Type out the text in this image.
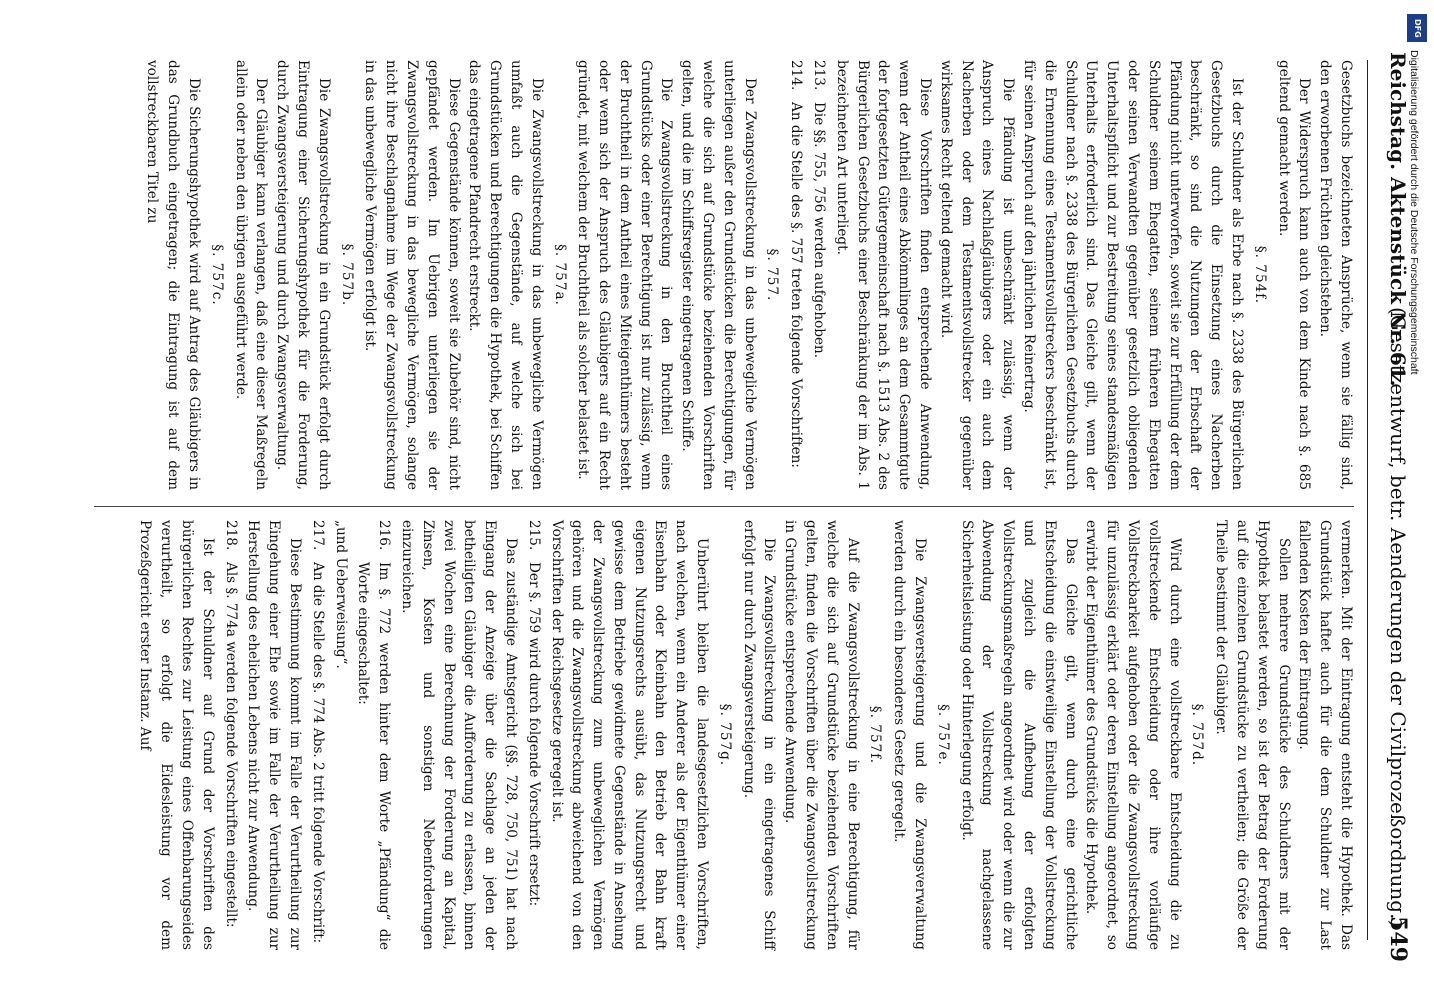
Reichstag. Aktenstück Nr. 61.
(Gesetzentwurf, betr. Aenderungen der Civilprozeßordnung.)
549

Gesetzbuchs bezeichneten Ansprüche, wenn sie fällig sind, den erworbenen Früchten gleichstehen.

Der Widerspruch kann auch von dem Kinde nach §. 685 geltend gemacht werden.

§. 754f.

Ist der Schuldner als Erbe nach §. 2338 des Bürgerlichen Gesetzbuchs durch die Einsetzung eines Nacherben beschränkt, so sind die Nutzungen der Erbschaft der Pfändung nicht unterworfen, soweit sie zur Erfüllung der dem Schuldner seinem Ehegatten, seinem früheren Ehegatten oder seinen Verwandten gegenüber gesetzlich obliegenden Unterhaltspflicht und zur Bestreitung seines standesmäßigen Unterhalts erforderlich sind. Das Gleiche gilt, wenn der Schuldner nach §. 2338 des Bürgerlichen Gesetzbuchs durch die Ernennung eines Testamentsvollstreckers beschränkt ist, für seinen Anspruch auf den jährlichen Reinertrag.

Die Pfändung ist unbeschränkt zulässig, wenn der Anspruch eines Nachlaßgläubigers oder ein auch dem Nacherben oder dem Testamentsvollstrecker gegenüber wirksames Recht geltend gemacht wird.

Diese Vorschriften finden entsprechende Anwendung, wenn der Antheil eines Abkömmlinges an dem Gesammtgute der fortgesetzten Gütergemeinschaft nach §. 1513 Abs. 2 des Bürgerlichen Gesetzbuchs einer Beschränkung der im Abs. 1 bezeichneten Art unterliegt.

213.
Die §§. 755, 756 werden aufgehoben.
214.
An die Stelle des §. 757 treten folgende Vorschriften:
§. 757.

Der Zwangsvollstreckung in das unbewegliche Vermögen unterliegen außer den Grundstücken die Berechtigungen, für welche die sich auf Grundstücke beziehenden Vorschriften gelten, und die im Schiffsregister eingetragenen Schiffe.

Die Zwangsvollstreckung in den Bruchtheil eines Grundstücks oder einer Berechtigung ist nur zulässig, wenn der Bruchtheil in dem Antheil eines Miteigenthümers besteht oder wenn sich der Anspruch des Gläubigers auf ein Recht gründet, mit welchem der Bruchtheil als solcher belastet ist.

§. 757a.

Die Zwangsvollstreckung in das unbewegliche Vermögen umfaßt auch die Gegenstände, auf welche sich bei Grundstücken und Berechtigungen die Hypothek, bei Schiffen das eingetragene Pfandrecht erstreckt.

Diese Gegenstände können, soweit sie Zubehör sind, nicht gepfändet werden. Im Uebrigen unterliegen sie der Zwangsvollstreckung in das bewegliche Vermögen, solange nicht ihre Beschlagnahme im Wege der Zwangsvollstreckung in das unbewegliche Vermögen erfolgt ist.

§. 757b.

Die Zwangsvollstreckung in ein Grundstück erfolgt durch Eintragung einer Sicherungshypothek für die Forderung, durch Zwangsversteigerung und durch Zwangsverwaltung.

Der Gläubiger kann verlangen, daß eine dieser Maßregeln allein oder neben den übrigen ausgeführt werde.

§. 757c.

Die Sicherungshypothek wird auf Antrag des Gläubigers in das Grundbuch eingetragen; die Eintragung ist auf dem vollstreckbaren Titel zu

vermerken. Mit der Eintragung entsteht die Hypothek. Das Grundstück haftet auch für die dem Schuldner zur Last fallenden Kosten der Eintragung.

Sollen mehrere Grundstücke des Schuldners mit der Hypothek belastet werden, so ist der Betrag der Forderung auf die einzelnen Grundstücke zu vertheilen; die Größe der Theile bestimmt der Gläubiger.

§. 757d.

Wird durch eine vollstreckbare Entscheidung die zu vollstreckende Entscheidung oder ihre vorläufige Vollstreckbarkeit aufgehoben oder die Zwangsvollstreckung für unzulässig erklärt oder deren Einstellung angeordnet, so erwirbt der Eigenthümer des Grundstücks die Hypothek.

Das Gleiche gilt, wenn durch eine gerichtliche Entscheidung die einstweilige Einstellung der Vollstreckung und zugleich die Aufhebung der erfolgten Vollstreckungsmaßregeln angeordnet wird oder wenn die zur Abwendung der Vollstreckung nachgelassene Sicherheitsleistung oder Hinterlegung erfolgt.

§. 757e.

Die Zwangsversteigerung und die Zwangsverwaltung werden durch ein besonderes Gesetz geregelt.

§. 757f.

Auf die Zwangsvollstreckung in eine Berechtigung, für welche die sich auf Grundstücke beziehenden Vorschriften gelten, finden die Vorschriften über die Zwangsvollstreckung in Grundstücke entsprechende Anwendung.

Die Zwangsvollstreckung in ein eingetragenes Schiff erfolgt nur durch Zwangsversteigerung.

§. 757g.

Unberührt bleiben die landesgesetzlichen Vorschriften, nach welchen, wenn ein Anderer als der Eigenthümer einer Eisenbahn oder Kleinbahn den Betrieb der Bahn kraft eigenen Nutzungsrechts ausübt, das Nutzungsrecht und gewisse dem Betriebe gewidmete Gegenstände in Ansehung der Zwangsvollstreckung zum unbeweglichen Vermögen gehören und die Zwangsvollstreckung abweichend von den Vorschriften der Reichsgesetze geregelt ist.

215.
Der §. 759 wird durch folgende Vorschrift ersetzt:

Das zuständige Amtsgericht (§§. 728, 750, 751) hat nach Eingang der Anzeige über die Sachlage an jeden der betheiligten Gläubiger die Aufforderung zu erlassen, binnen zwei Wochen eine Berechnung der Forderung an Kapital, Zinsen, Kosten und sonstigen Nebenforderungen einzureichen.

216.
Im §. 772 werden hinter dem Worte „Pfändung“ die Worte eingeschaltet:

„und Ueberweisung“.

217.
An die Stelle des §. 774 Abs. 2 tritt folgende Vorschrift:

Diese Bestimmung kommt im Falle der Verurtheilung zur Eingehung einer Ehe sowie im Falle der Verurtheilung zur Herstellung des ehelichen Lebens nicht zur Anwendung.

218.
Als §. 774a werden folgende Vorschriften eingestellt:

Ist der Schuldner auf Grund der Vorschriften des bürgerlichen Rechtes zur Leistung eines Offenbarungseides verurtheilt, so erfolgt die Eidesleistung vor dem Prozeßgericht erster Instanz. Auf

DFG
Digitalisierung gefördert durch die Deutsche Forschungsgemeinschaft
